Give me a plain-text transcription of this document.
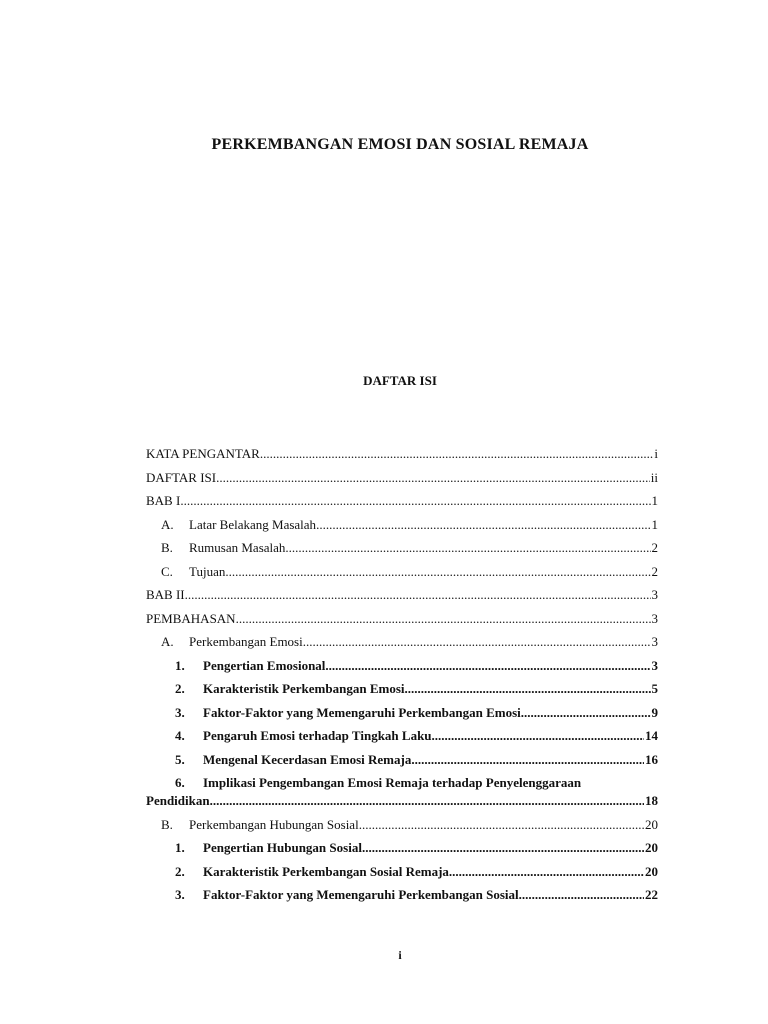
PERKEMBANGAN EMOSI DAN SOSIAL REMAJA
DAFTAR ISI
KATA PENGANTAR .....	i
DAFTAR ISI .....	ii
BAB I .....	1
A.	Latar Belakang Masalah .....	1
B.	Rumusan Masalah .....	2
C.	Tujuan .....	2
BAB II .....	3
PEMBAHASAN .....	3
A.	Perkembangan Emosi .....	3
1.	Pengertian Emosional .....	3
2.	Karakteristik Perkembangan Emosi .....	5
3.	Faktor-Faktor yang Memengaruhi Perkembangan Emosi .....	9
4.	Pengaruh Emosi terhadap Tingkah Laku .....	14
5.	Mengenal Kecerdasan Emosi Remaja .....	16
6. Implikasi Pengembangan Emosi Remaja terhadap Penyelenggaraan
Pendidikan .....	18
B.	Perkembangan Hubungan Sosial .....	20
1.	Pengertian Hubungan Sosial .....	20
2.	Karakteristik Perkembangan Sosial Remaja .....	20
3.	Faktor-Faktor yang Memengaruhi Perkembangan Sosial .....	22
i
